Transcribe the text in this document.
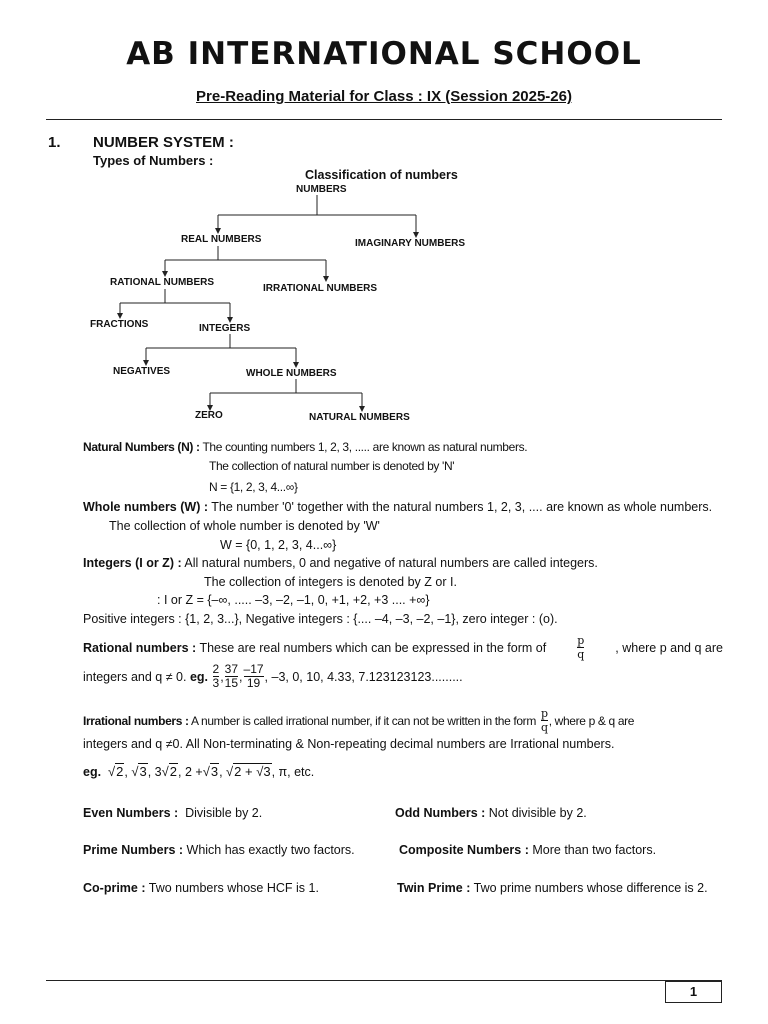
AB INTERNATIONAL SCHOOL
Pre-Reading Material for Class : IX (Session 2025-26)
1. NUMBER SYSTEM :
Types of Numbers :
Classification of numbers
NUMBERS
REAL NUMBERS	IMAGINARY NUMBERS
RATIONAL NUMBERS
IRRATIONAL NUMBERS
FRACTIONS	INTEGERS
NEGATIVES	WHOLE NUMBERS
ZERO	NATURAL NUMBERS
Natural Numbers (N) : The counting numbers 1, 2, 3, ..... are known as natural numbers.
The collection of natural number is denoted by 'N'
N = {1, 2, 3, 4...∞}
Whole numbers (W) : The number '0' together with the natural numbers 1, 2, 3, .... are known as whole numbers.
The collection of whole number is denoted by 'W'
W = {0, 1, 2, 3, 4...∞}
Integers (I or Z) : All natural numbers, 0 and negative of natural numbers are called integers.
The collection of integers is denoted by Z or I.
: I or Z = {–∞, ..... –3, –2, –1, 0, +1, +2, +3 .... +∞}
Positive integers : {1, 2, 3...}, Negative integers : {.... –4, –3, –2, –1}, zero integer : (o).
Rational numbers : These are real numbers which can be expressed in the form of	$\frac{p}{q}$ , where p and q are
integers and q ≠ 0.
eg.
$\frac{2}{3}$ , $\frac{37}{15}$ , $\frac{-17}{19}$ , –3, 0, 10, 4.33, 7.123123123.........
Irrational numbers : A number is called irrational number, if it can not be written in the form $\frac{p}{q}$ , where p & q are
integers and q ≠0. All Non-terminating & Non-repeating decimal numbers are Irrational numbers.
eg.
√2 , √3 , 3 √2 , 2 + √3 , √2 + √3 , π, etc.
Even Numbers : Divisible by 2.	Odd Numbers : Not divisible by 2.
Prime Numbers : Which has exactly two factors.	Composite Numbers : More than two factors.
Co-prime : Two numbers whose HCF is 1.	Twin Prime : Two prime numbers whose difference is 2.
1
